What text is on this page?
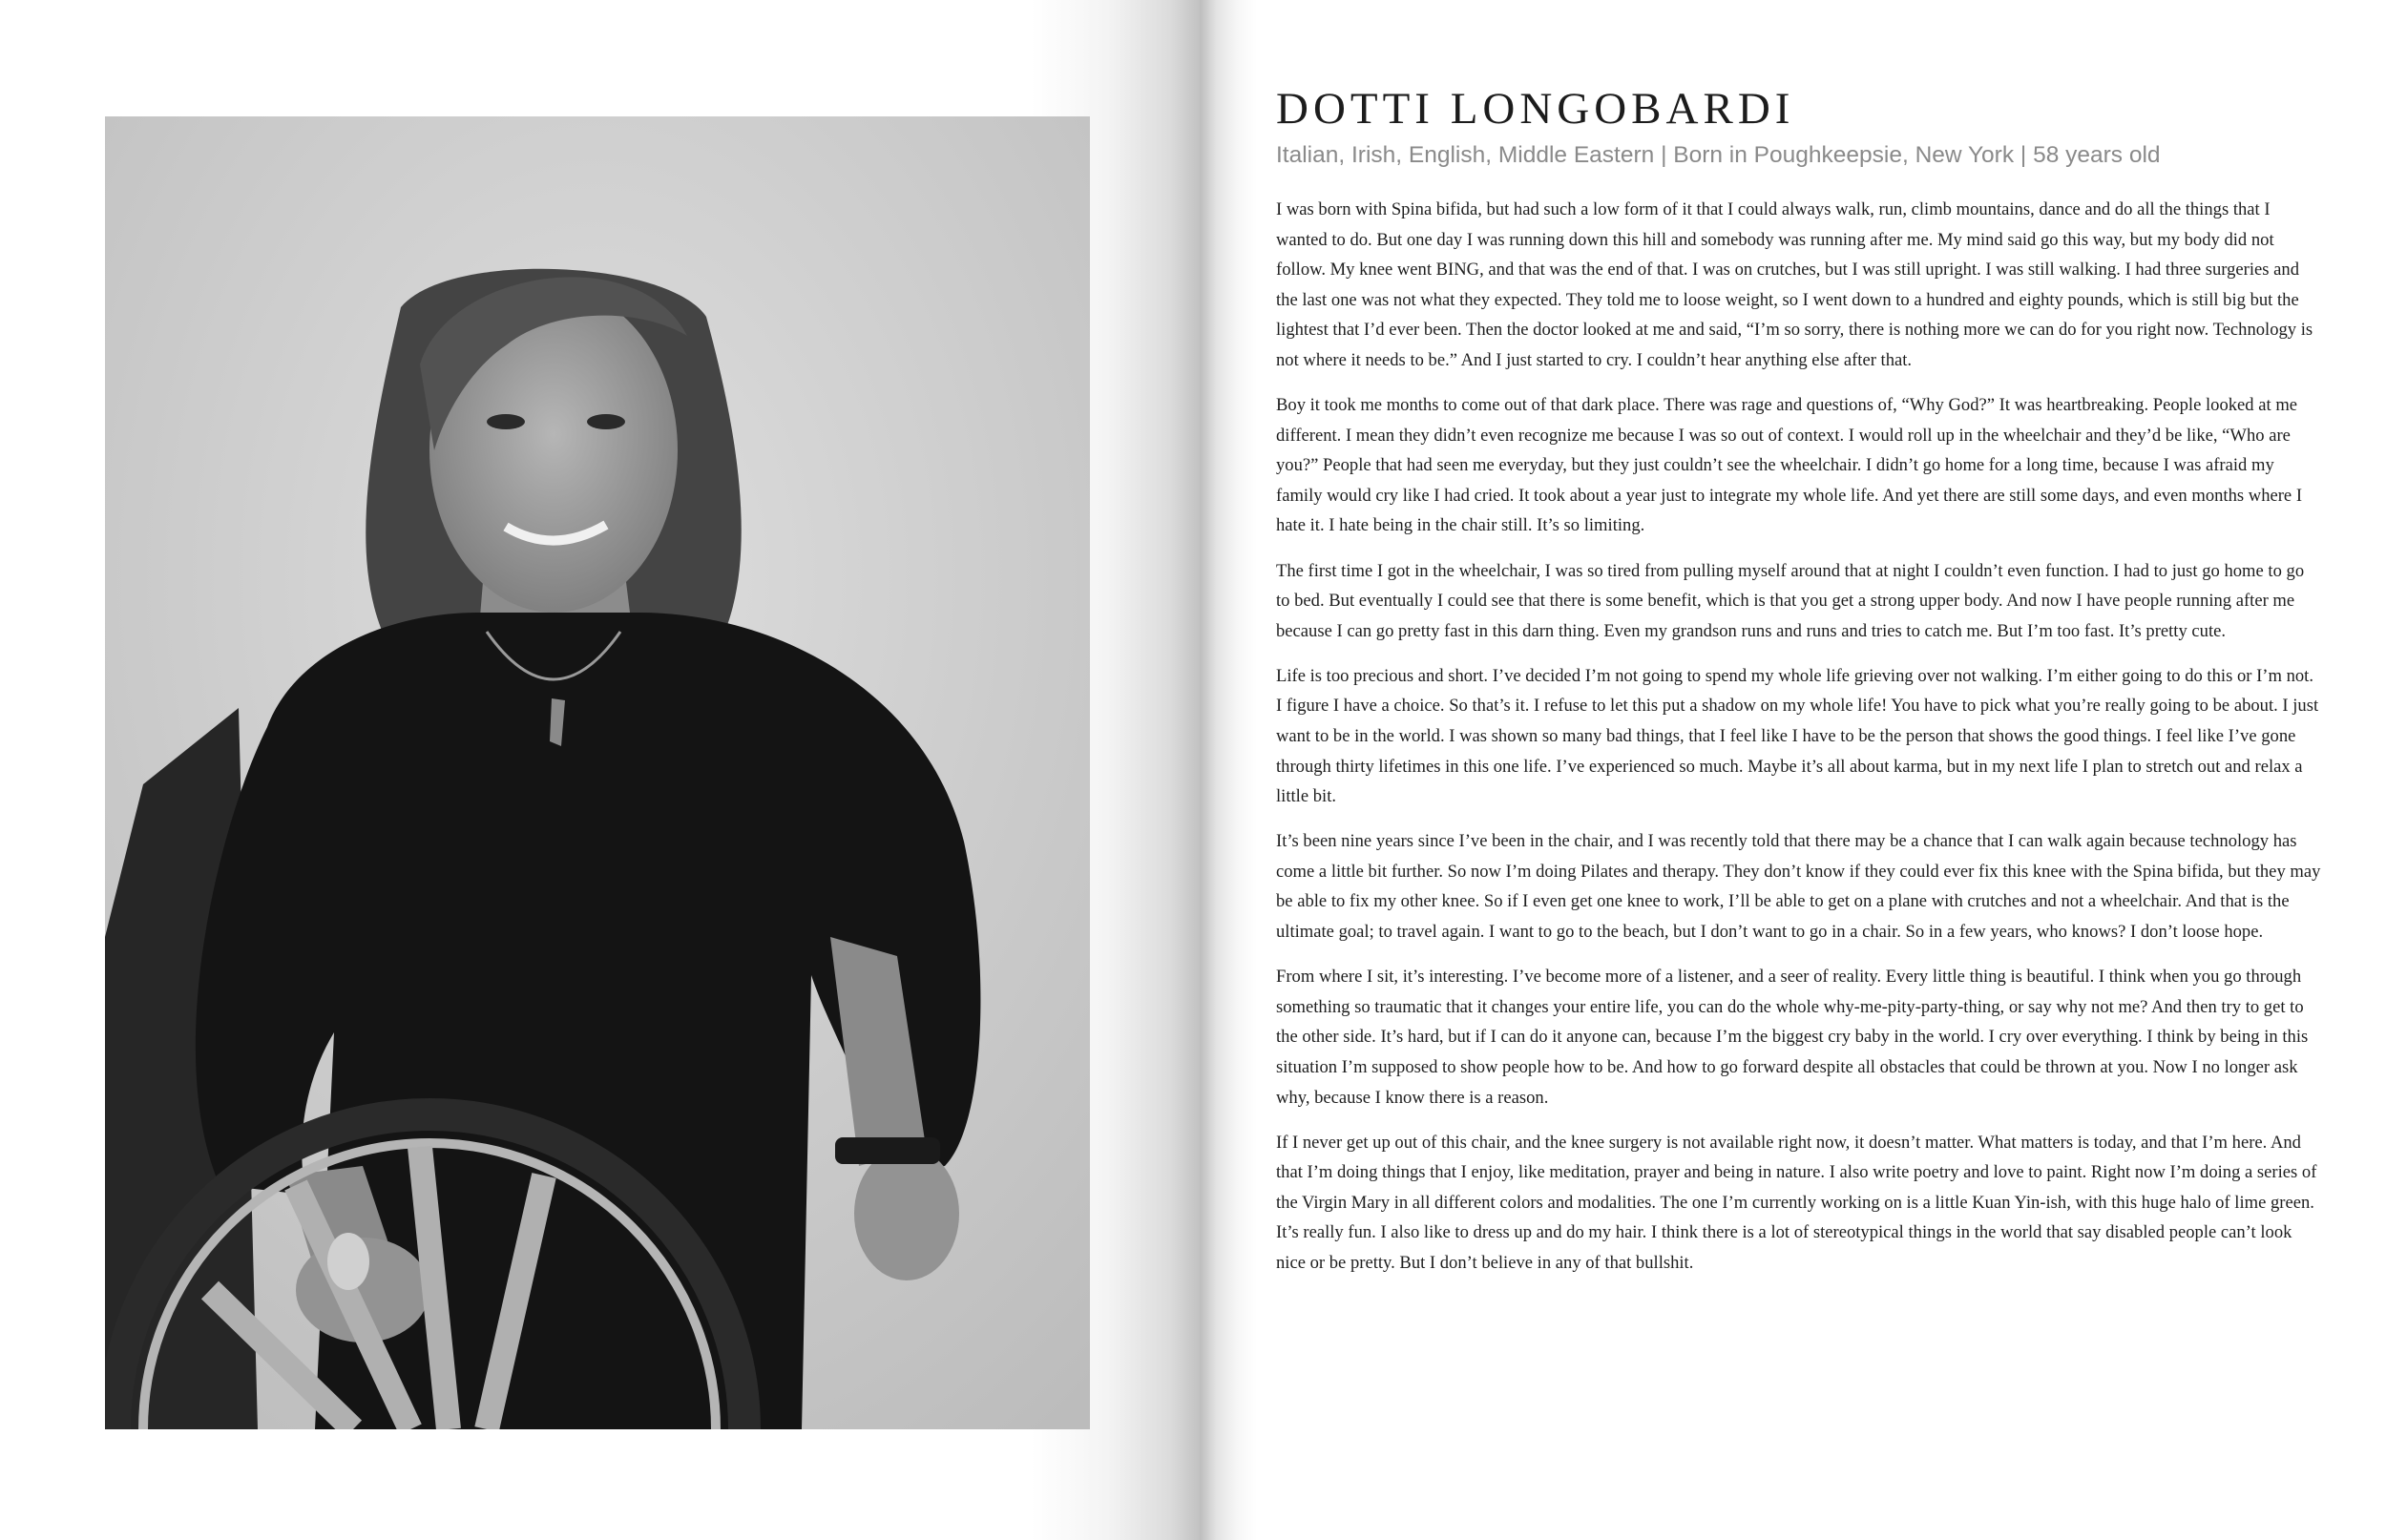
DOTTI LONGOBARDI
Italian, Irish, English, Middle Eastern | Born in Poughkeepsie, New York | 58 years old

I was born with Spina bifida, but had such a low form of it that I could always walk, run, climb mountains, dance and do all the things that I wanted to do. But one day I was running down this hill and somebody was running after me. My mind said go this way, but my body did not follow. My knee went BING, and that was the end of that. I was on crutches, but I was still upright. I was still walking. I had three surgeries and the last one was not what they expected. They told me to loose weight, so I went down to a hundred and eighty pounds, which is still big but the lightest that I’d ever been. Then the doctor looked at me and said, “I’m so sorry, there is nothing more we can do for you right now. Technology is not where it needs to be.” And I just started to cry. I couldn’t hear anything else after that.

Boy it took me months to come out of that dark place. There was rage and questions of, “Why God?” It was heartbreaking. People looked at me different. I mean they didn’t even recognize me because I was so out of context. I would roll up in the wheelchair and they’d be like, “Who are you?” People that had seen me everyday, but they just couldn’t see the wheelchair. I didn’t go home for a long time, because I was afraid my family would cry like I had cried. It took about a year just to integrate my whole life. And yet there are still some days, and even months where I hate it. I hate being in the chair still. It’s so limiting.

The first time I got in the wheelchair, I was so tired from pulling myself around that at night I couldn’t even function. I had to just go home to go to bed. But eventually I could see that there is some benefit, which is that you get a strong upper body. And now I have people running after me because I can go pretty fast in this darn thing. Even my grandson runs and runs and tries to catch me. But I’m too fast. It’s pretty cute.

Life is too precious and short. I’ve decided I’m not going to spend my whole life grieving over not walking. I’m either going to do this or I’m not. I figure I have a choice. So that’s it. I refuse to let this put a shadow on my whole life! You have to pick what you’re really going to be about. I just want to be in the world. I was shown so many bad things, that I feel like I have to be the person that shows the good things. I feel like I’ve gone through thirty lifetimes in this one life. I’ve experienced so much. Maybe it’s all about karma, but in my next life I plan to stretch out and relax a little bit.

It’s been nine years since I’ve been in the chair, and I was recently told that there may be a chance that I can walk again because technology has come a little bit further. So now I’m doing Pilates and therapy. They don’t know if they could ever fix this knee with the Spina bifida, but they may be able to fix my other knee. So if I even get one knee to work, I’ll be able to get on a plane with crutches and not a wheelchair. And that is the ultimate goal; to travel again. I want to go to the beach, but I don’t want to go in a chair. So in a few years, who knows? I don’t loose hope.

From where I sit, it’s interesting. I’ve become more of a listener, and a seer of reality. Every little thing is beautiful. I think when you go through something so traumatic that it changes your entire life, you can do the whole why-me-pity-party-thing, or say why not me? And then try to get to the other side. It’s hard, but if I can do it anyone can, because I’m the biggest cry baby in the world. I cry over everything. I think by being in this situation I’m supposed to show people how to be. And how to go forward despite all obstacles that could be thrown at you. Now I no longer ask why, because I know there is a reason.

If I never get up out of this chair, and the knee surgery is not available right now, it doesn’t matter. What matters is today, and that I’m here. And that I’m doing things that I enjoy, like meditation, prayer and being in nature. I also write poetry and love to paint. Right now I’m doing a series of the Virgin Mary in all different colors and modalities. The one I’m currently working on is a little Kuan Yin-ish, with this huge halo of lime green. It’s really fun. I also like to dress up and do my hair. I think there is a lot of stereotypical things in the world that say disabled people can’t look nice or be pretty. But I don’t believe in any of that bullshit.
